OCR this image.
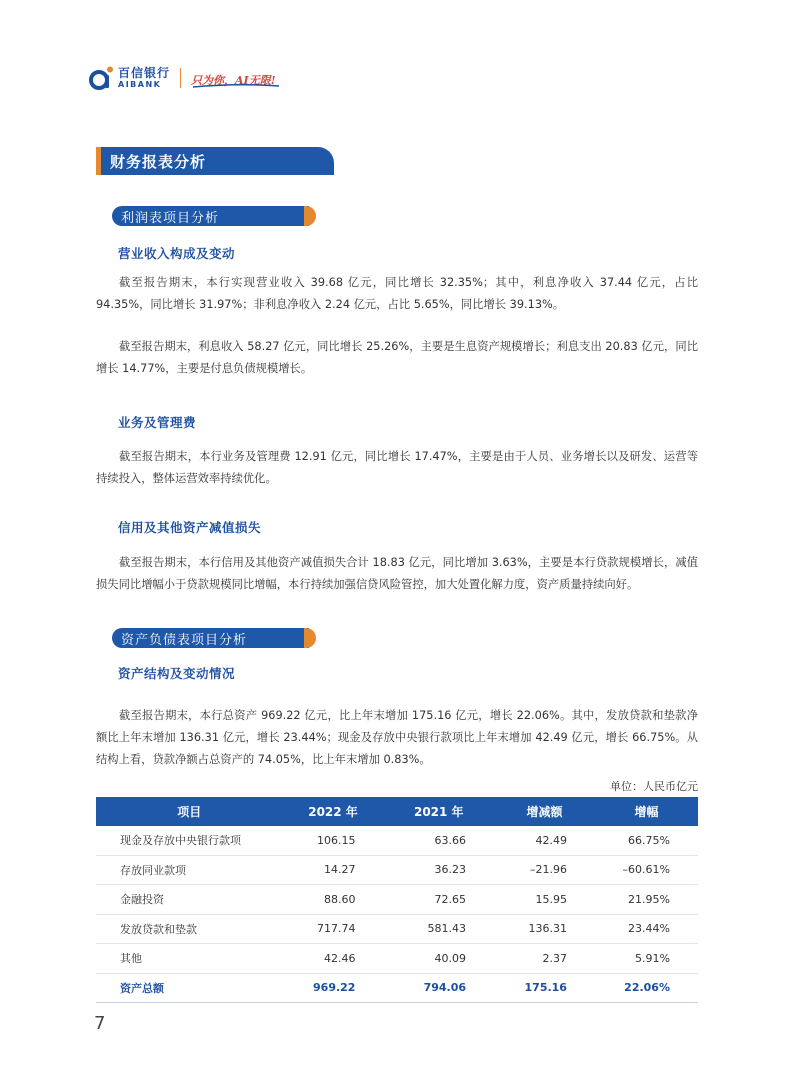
百信银行
AIBANK	只为你，AI无限!
财务报表分析
利润表项目分析
营业收入构成及变动

截至报告期末，本行实现营业收入 39.68 亿元，同比增长 32.35%；其中，利息净收入 37.44 亿元，占比 94.35%，同比增长 31.97%；非利息净收入 2.24 亿元，占比 5.65%，同比增长 39.13%。

截至报告期末，利息收入 58.27 亿元，同比增长 25.26%，主要是生息资产规模增长；利息支出 20.83 亿元，同比增长 14.77%，主要是付息负债规模增长。

业务及管理费

截至报告期末，本行业务及管理费 12.91 亿元，同比增长 17.47%，主要是由于人员、业务增长以及研发、运营等持续投入，整体运营效率持续优化。

信用及其他资产减值损失

截至报告期末，本行信用及其他资产减值损失合计 18.83 亿元，同比增加 3.63%，主要是本行贷款规模增长，减值损失同比增幅小于贷款规模同比增幅，本行持续加强信贷风险管控，加大处置化解力度，资产质量持续向好。

资产负债表项目分析
资产结构及变动情况

截至报告期末，本行总资产 969.22 亿元，比上年末增加 175.16 亿元，增长 22.06%。其中，发放贷款和垫款净额比上年末增加 136.31 亿元，增长 23.44%；现金及存放中央银行款项比上年末增加 42.49 亿元，增长 66.75%。从结构上看，贷款净额占总资产的 74.05%，比上年末增加 0.83%。

单位：人民币亿元
项目	2022 年	2021 年	增减额	增幅
现金及存放中央银行款项	106.15	63.66	42.49	66.75%
存放同业款项	14.27	36.23	–21.96	–60.61%
金融投资	88.60	72.65	15.95	21.95%
发放贷款和垫款	717.74	581.43	136.31	23.44%
其他	42.46	40.09	2.37	5.91%
资产总额	969.22	794.06	175.16	22.06%
7
